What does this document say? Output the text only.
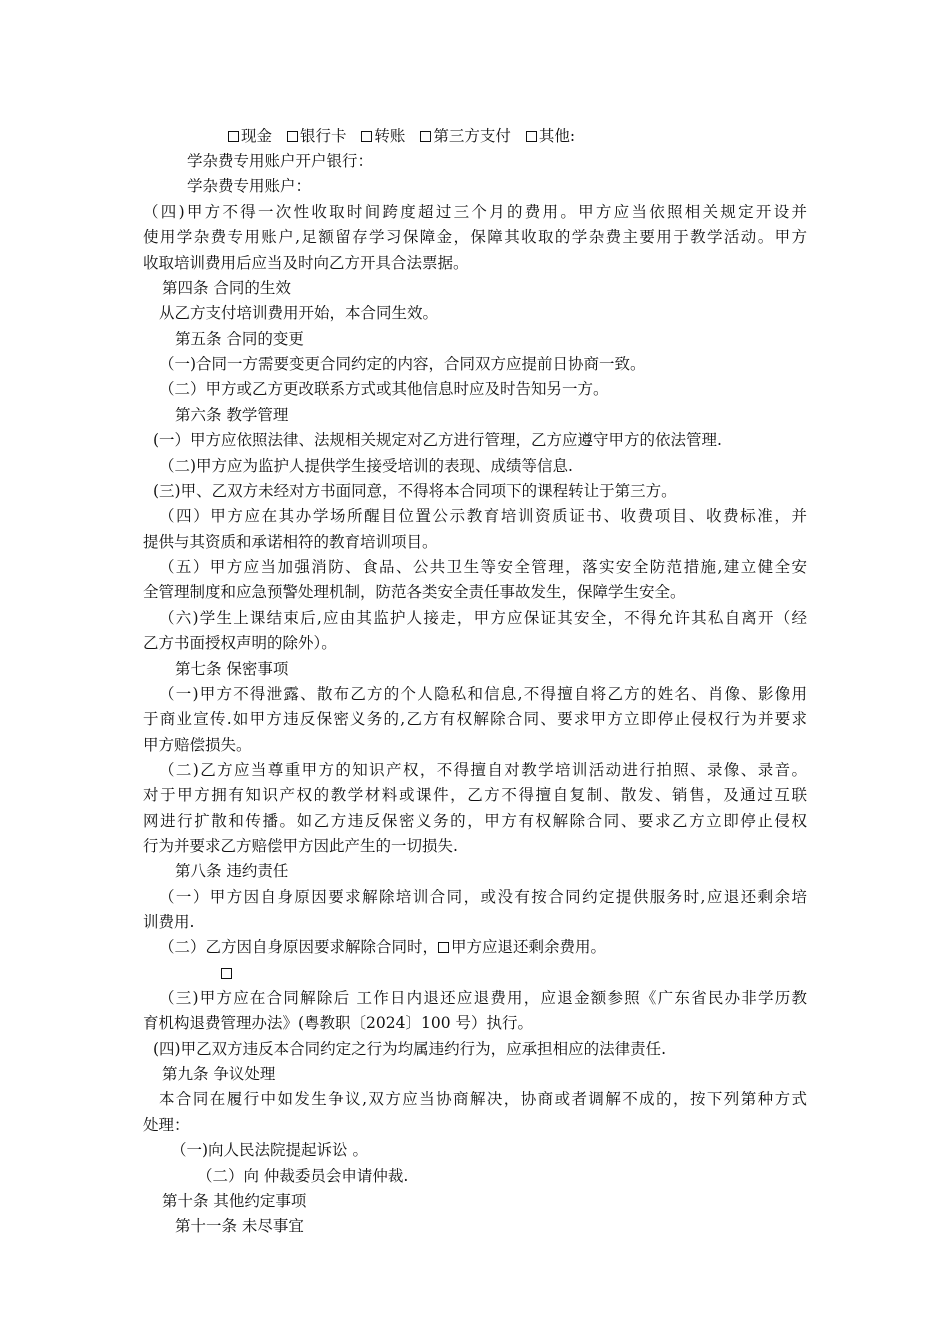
现金 银行卡 转账 第三方支付 其他:
学杂费专用账户开户银行：
学杂费专用账户：
（四)甲方不得一次性收取时间跨度超过三个月的费用。甲方应当依照相关规定开设并
使用学杂费专用账户,足额留存学习保障金，保障其收取的学杂费主要用于教学活动。甲方
收取培训费用后应当及时向乙方开具合法票据。
第四条 合同的生效
从乙方支付培训费用开始，本合同生效。
第五条 合同的变更
（一)合同一方需要变更合同约定的内容，合同双方应提前日协商一致。
（二）甲方或乙方更改联系方式或其他信息时应及时告知另一方。
第六条 教学管理
(一）甲方应依照法律、法规相关规定对乙方进行管理，乙方应遵守甲方的依法管理.
（二)甲方应为监护人提供学生接受培训的表现、成绩等信息.
(三)甲、乙双方未经对方书面同意，不得将本合同项下的课程转让于第三方。
（四）甲方应在其办学场所醒目位置公示教育培训资质证书、收费项目、收费标准，并
提供与其资质和承诺相符的教育培训项目。
（五）甲方应当加强消防、食品、公共卫生等安全管理，落实安全防范措施,建立健全安
全管理制度和应急预警处理机制，防范各类安全责任事故发生，保障学生安全。
（六)学生上课结束后,应由其监护人接走，甲方应保证其安全，不得允许其私自离开（经
乙方书面授权声明的除外）。
第七条 保密事项
（一)甲方不得泄露、散布乙方的个人隐私和信息,不得擅自将乙方的姓名、肖像、影像用
于商业宣传.如甲方违反保密义务的,乙方有权解除合同、要求甲方立即停止侵权行为并要求
甲方赔偿损失。
（二)乙方应当尊重甲方的知识产权，不得擅自对教学培训活动进行拍照、录像、录音。
对于甲方拥有知识产权的教学材料或课件，乙方不得擅自复制、散发、销售，及通过互联
网进行扩散和传播。如乙方违反保密义务的，甲方有权解除合同、要求乙方立即停止侵权
行为并要求乙方赔偿甲方因此产生的一切损失.
第八条 违约责任
（一）甲方因自身原因要求解除培训合同，或没有按合同约定提供服务时,应退还剩余培
训费用.
（二）乙方因自身原因要求解除合同时， 甲方应退还剩余费用。
（三)甲方应在合同解除后 工作日内退还应退费用，应退金额参照《广东省民办非学历教
育机构退费管理办法》(粤教职〔2024〕100 号）执行。
(四)甲乙双方违反本合同约定之行为均属违约行为，应承担相应的法律责任.
第九条 争议处理
本合同在履行中如发生争议,双方应当协商解决，协商或者调解不成的，按下列第种方式
处理：
（一)向人民法院提起诉讼 。
（二）向 仲裁委员会申请仲裁.
第十条 其他约定事项
第十一条 未尽事宜
